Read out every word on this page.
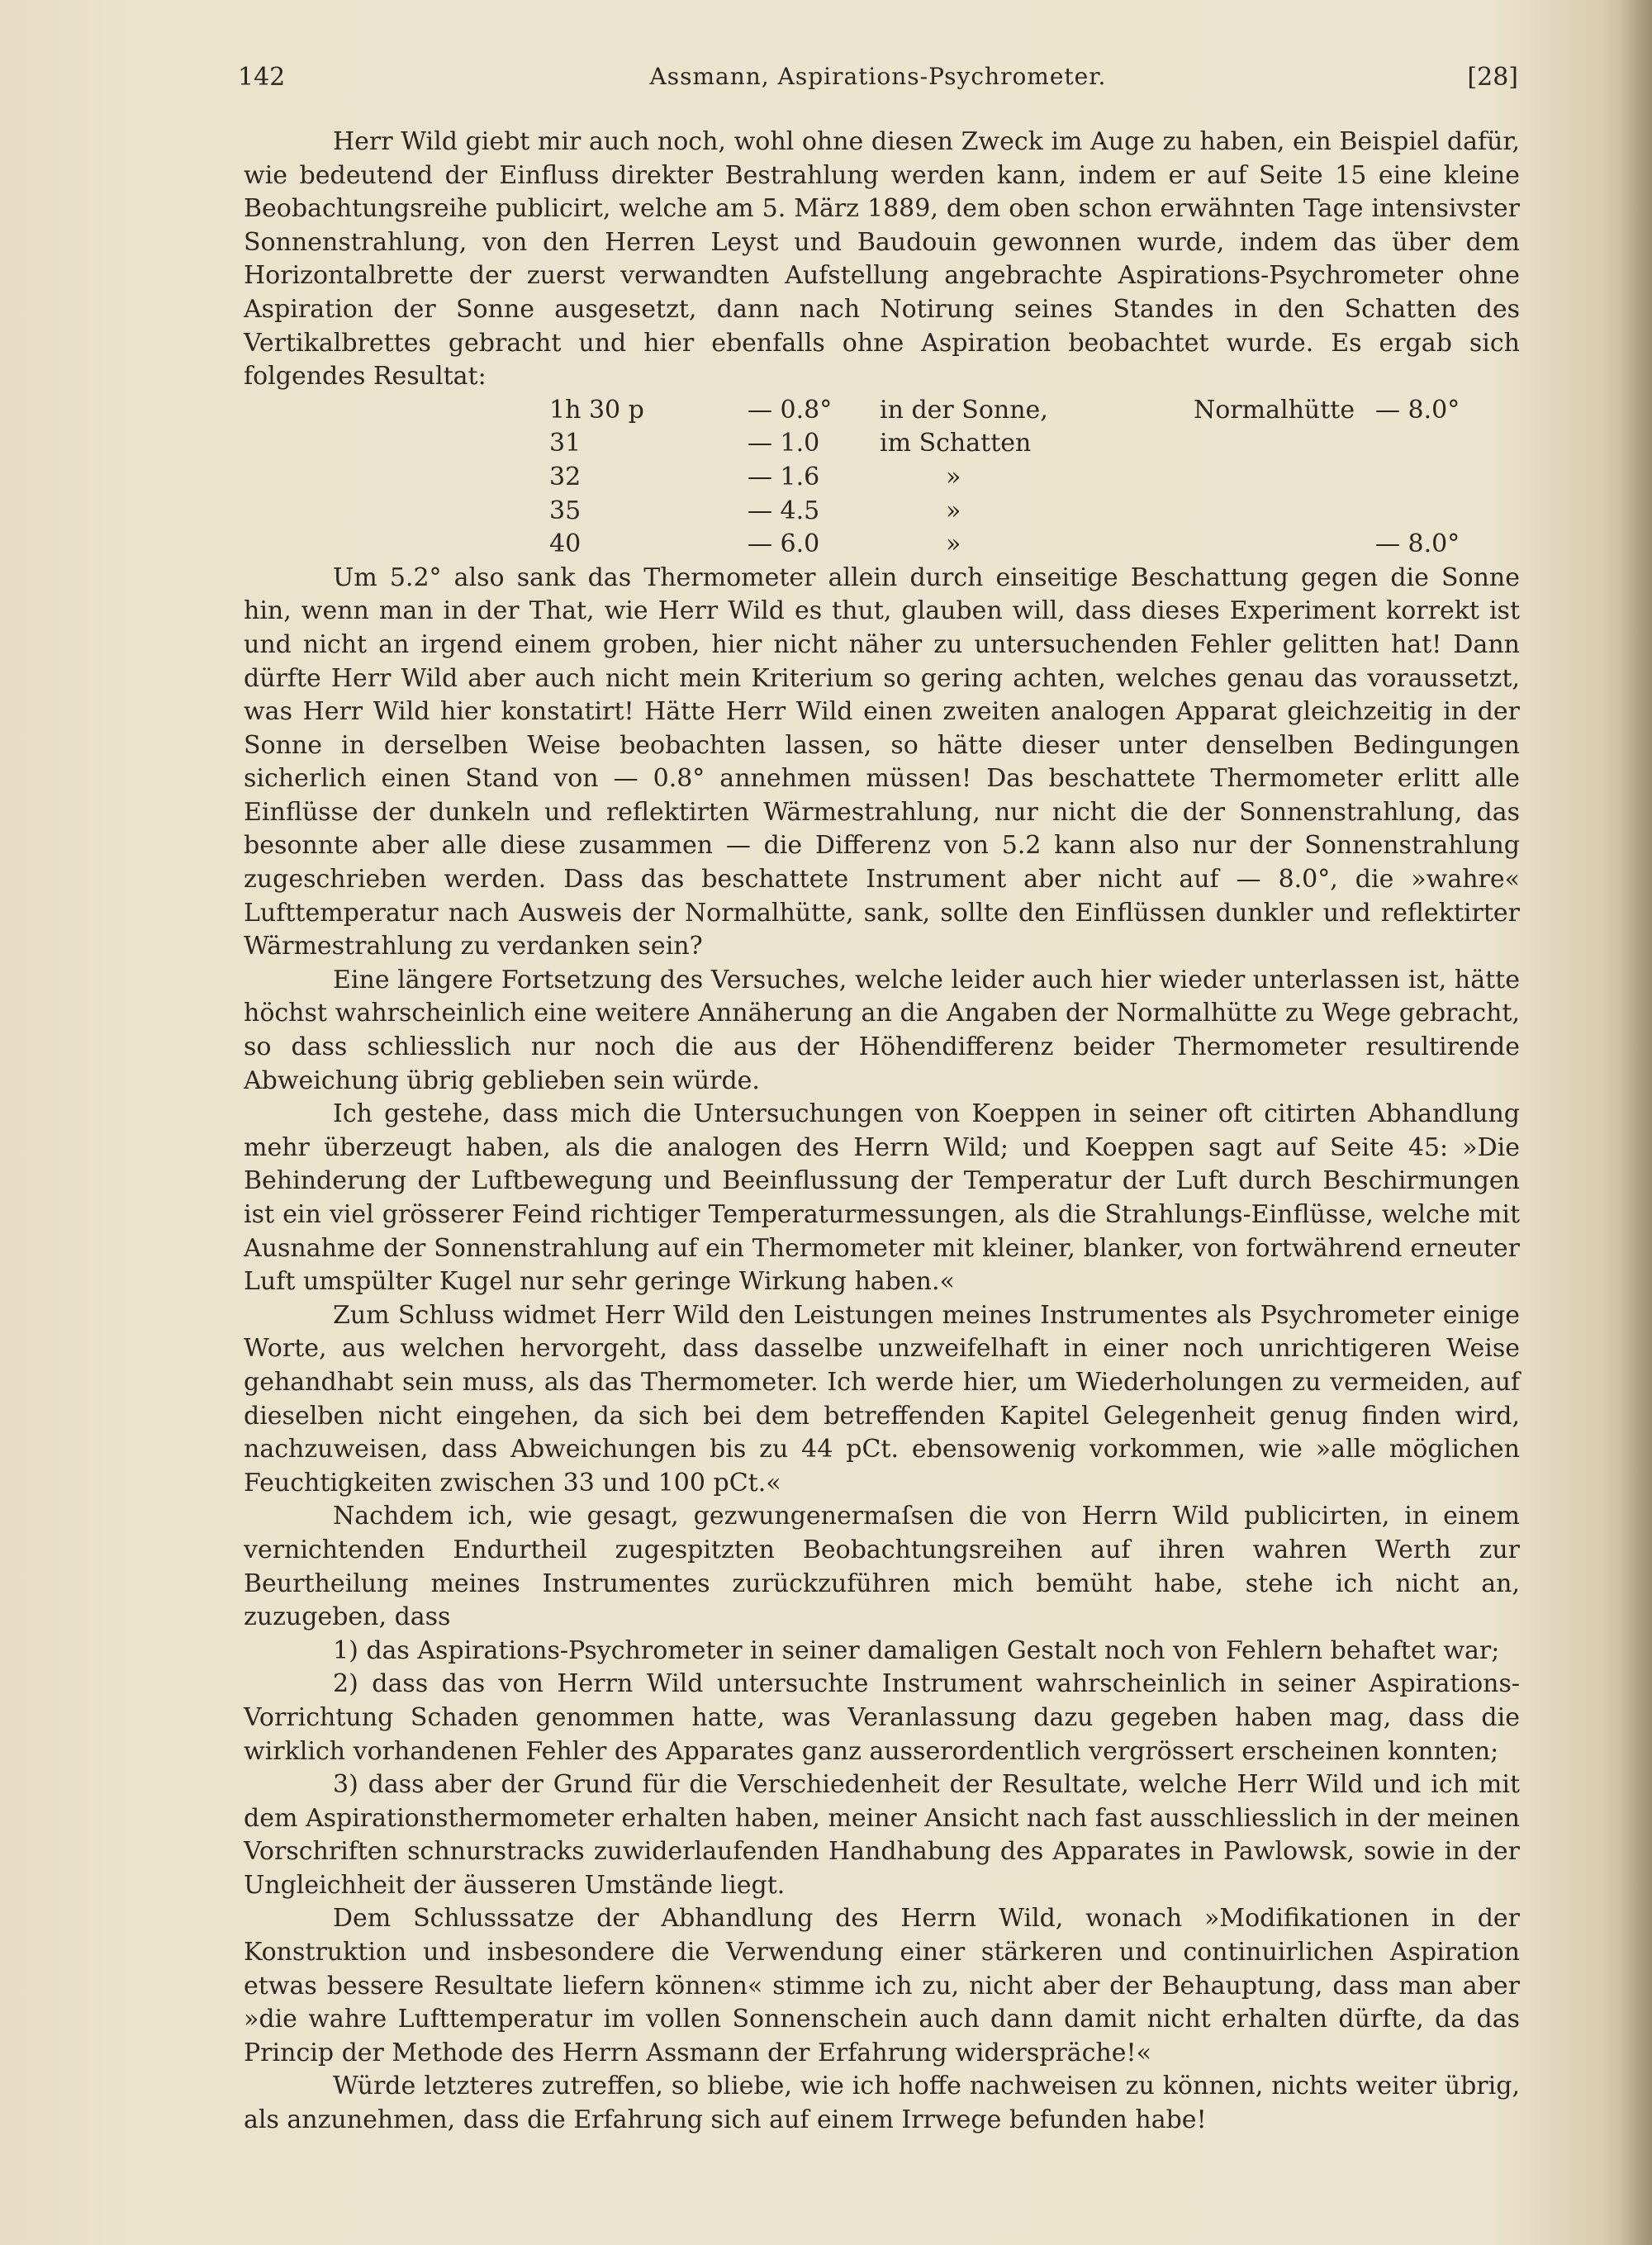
142	Assmann, Aspirations-Psychrometer.	[28]

Herr Wild giebt mir auch noch, wohl ohne diesen Zweck im Auge zu haben, ein Beispiel dafür, wie bedeutend der Einfluss direkter Bestrahlung werden kann, indem er auf Seite 15 eine kleine Beobachtungsreihe publicirt, welche am 5. März 1889, dem oben schon erwähnten Tage intensivster Sonnenstrahlung, von den Herren Leyst und Baudouin gewonnen wurde, indem das über dem Horizontalbrette der zuerst verwandten Aufstellung angebrachte Aspirations-Psychrometer ohne Aspiration der Sonne ausgesetzt, dann nach Notirung seines Standes in den Schatten des Vertikalbrettes gebracht und hier ebenfalls ohne Aspiration beobachtet wurde. Es ergab sich folgendes Resultat:

1h 30 p		— 0.8°	in der Sonne,	Normalhütte	— 8.0°
31		— 1.0	im Schatten		
32		— 1.6	»		
35		— 4.5	»		
40		— 6.0	»		— 8.0°

Um 5.2° also sank das Thermometer allein durch einseitige Beschattung gegen die Sonne hin, wenn man in der That, wie Herr Wild es thut, glauben will, dass dieses Experiment korrekt ist und nicht an irgend einem groben, hier nicht näher zu untersuchenden Fehler gelitten hat! Dann dürfte Herr Wild aber auch nicht mein Kriterium so gering achten, welches genau das voraussetzt, was Herr Wild hier konstatirt! Hätte Herr Wild einen zweiten analogen Apparat gleichzeitig in der Sonne in derselben Weise beobachten lassen, so hätte dieser unter denselben Bedingungen sicherlich einen Stand von — 0.8° annehmen müssen! Das beschattete Thermometer erlitt alle Einflüsse der dunkeln und reflektirten Wärmestrahlung, nur nicht die der Sonnenstrahlung, das besonnte aber alle diese zusammen — die Differenz von 5.2 kann also nur der Sonnenstrahlung zugeschrieben werden. Dass das beschattete Instrument aber nicht auf — 8.0°, die »wahre« Lufttemperatur nach Ausweis der Normalhütte, sank, sollte den Einflüssen dunkler und reflektirter Wärmestrahlung zu verdanken sein?

Eine längere Fortsetzung des Versuches, welche leider auch hier wieder unterlassen ist, hätte höchst wahrscheinlich eine weitere Annäherung an die Angaben der Normalhütte zu Wege gebracht, so dass schliesslich nur noch die aus der Höhendifferenz beider Thermometer resultirende Abweichung übrig geblieben sein würde.

Ich gestehe, dass mich die Untersuchungen von Koeppen in seiner oft citirten Abhandlung mehr überzeugt haben, als die analogen des Herrn Wild; und Koeppen sagt auf Seite 45: »Die Behinderung der Luftbewegung und Beeinflussung der Temperatur der Luft durch Beschirmungen ist ein viel grösserer Feind richtiger Temperaturmessungen, als die Strahlungs-Einflüsse, welche mit Ausnahme der Sonnenstrahlung auf ein Thermometer mit kleiner, blanker, von fortwährend erneuter Luft umspülter Kugel nur sehr geringe Wirkung haben.«

Zum Schluss widmet Herr Wild den Leistungen meines Instrumentes als Psychrometer einige Worte, aus welchen hervorgeht, dass dasselbe unzweifelhaft in einer noch unrichtigeren Weise gehandhabt sein muss, als das Thermometer. Ich werde hier, um Wiederholungen zu vermeiden, auf dieselben nicht eingehen, da sich bei dem betreffenden Kapitel Gelegenheit genug finden wird, nachzuweisen, dass Abweichungen bis zu 44 pCt. ebensowenig vorkommen, wie »alle möglichen Feuchtigkeiten zwischen 33 und 100 pCt.«

Nachdem ich, wie gesagt, gezwungenermaſsen die von Herrn Wild publicirten, in einem vernichtenden Endurtheil zugespitzten Beobachtungsreihen auf ihren wahren Werth zur Beurtheilung meines Instrumentes zurückzuführen mich bemüht habe, stehe ich nicht an, zuzugeben, dass

1) das Aspirations-Psychrometer in seiner damaligen Gestalt noch von Fehlern behaftet war;

2) dass das von Herrn Wild untersuchte Instrument wahrscheinlich in seiner Aspirations-Vorrichtung Schaden genommen hatte, was Veranlassung dazu gegeben haben mag, dass die wirklich vorhandenen Fehler des Apparates ganz ausserordentlich vergrössert erscheinen konnten;

3) dass aber der Grund für die Verschiedenheit der Resultate, welche Herr Wild und ich mit dem Aspirationsthermometer erhalten haben, meiner Ansicht nach fast ausschliesslich in der meinen Vorschriften schnurstracks zuwiderlaufenden Handhabung des Apparates in Pawlowsk, sowie in der Ungleichheit der äusseren Umstände liegt.

Dem Schlusssatze der Abhandlung des Herrn Wild, wonach »Modifikationen in der Konstruktion und insbesondere die Verwendung einer stärkeren und continuirlichen Aspiration etwas bessere Resultate liefern können« stimme ich zu, nicht aber der Behauptung, dass man aber »die wahre Lufttemperatur im vollen Sonnenschein auch dann damit nicht erhalten dürfte, da das Princip der Methode des Herrn Assmann der Erfahrung widerspräche!«

Würde letzteres zutreffen, so bliebe, wie ich hoffe nachweisen zu können, nichts weiter übrig, als anzunehmen, dass die Erfahrung sich auf einem Irrwege befunden habe!
